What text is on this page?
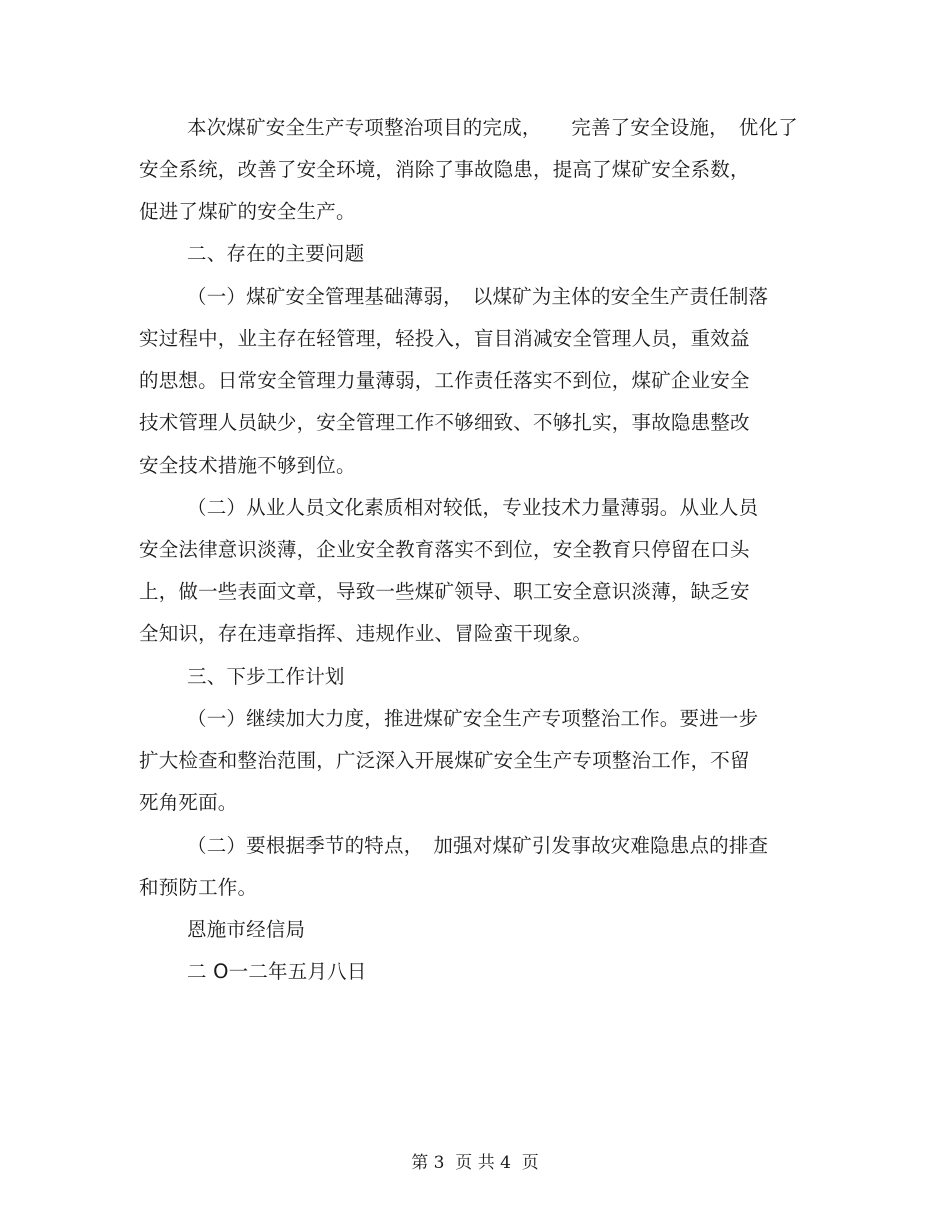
本次煤矿安全生产专项整治项目的完成，　　完善了安全设施，　优化了
安全系统，改善了安全环境，消除了事故隐患，提高了煤矿安全系数，
促进了煤矿的安全生产。
二、存在的主要问题
（一）煤矿安全管理基础薄弱，　以煤矿为主体的安全生产责任制落
实过程中，业主存在轻管理，轻投入，盲目消减安全管理人员，重效益
的思想。日常安全管理力量薄弱，工作责任落实不到位，煤矿企业安全
技术管理人员缺少，安全管理工作不够细致、不够扎实，事故隐患整改
安全技术措施不够到位。
（二）从业人员文化素质相对较低，专业技术力量薄弱。从业人员
安全法律意识淡薄，企业安全教育落实不到位，安全教育只停留在口头
上，做一些表面文章，导致一些煤矿领导、职工安全意识淡薄，缺乏安
全知识，存在违章指挥、违规作业、冒险蛮干现象。
三、下步工作计划
（一）继续加大力度，推进煤矿安全生产专项整治工作。要进一步
扩大检查和整治范围，广泛深入开展煤矿安全生产专项整治工作，不留
死角死面。
（二）要根据季节的特点，　加强对煤矿引发事故灾难隐患点的排查
和预防工作。
恩施市经信局
二 O一二年五月八日
第 3  页 共 4  页
